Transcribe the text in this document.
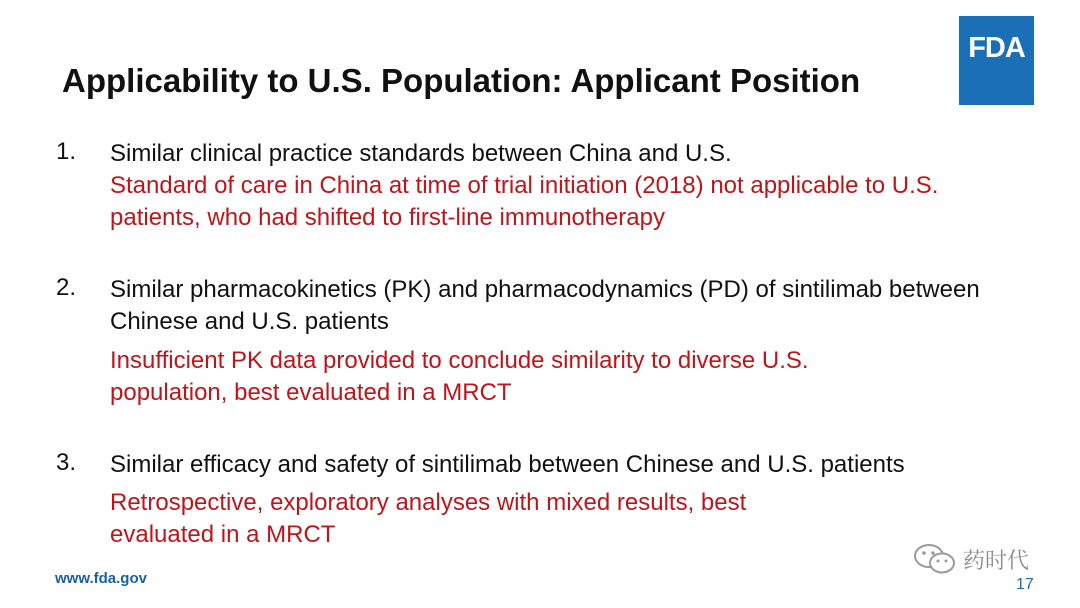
Applicability to U.S. Population: Applicant Position
FDA
1. Similar clinical practice standards between China and U.S.
Standard of care in China at time of trial initiation (2018) not applicable to U.S. patients, who had shifted to first-line immunotherapy
2. Similar pharmacokinetics (PK) and pharmacodynamics (PD) of sintilimab between Chinese and U.S. patients
Insufficient PK data provided to conclude similarity to diverse U.S. population, best evaluated in a MRCT
3. Similar efficacy and safety of sintilimab between Chinese and U.S. patients
Retrospective, exploratory analyses with mixed results, best evaluated in a MRCT
www.fda.gov
药时代
17
